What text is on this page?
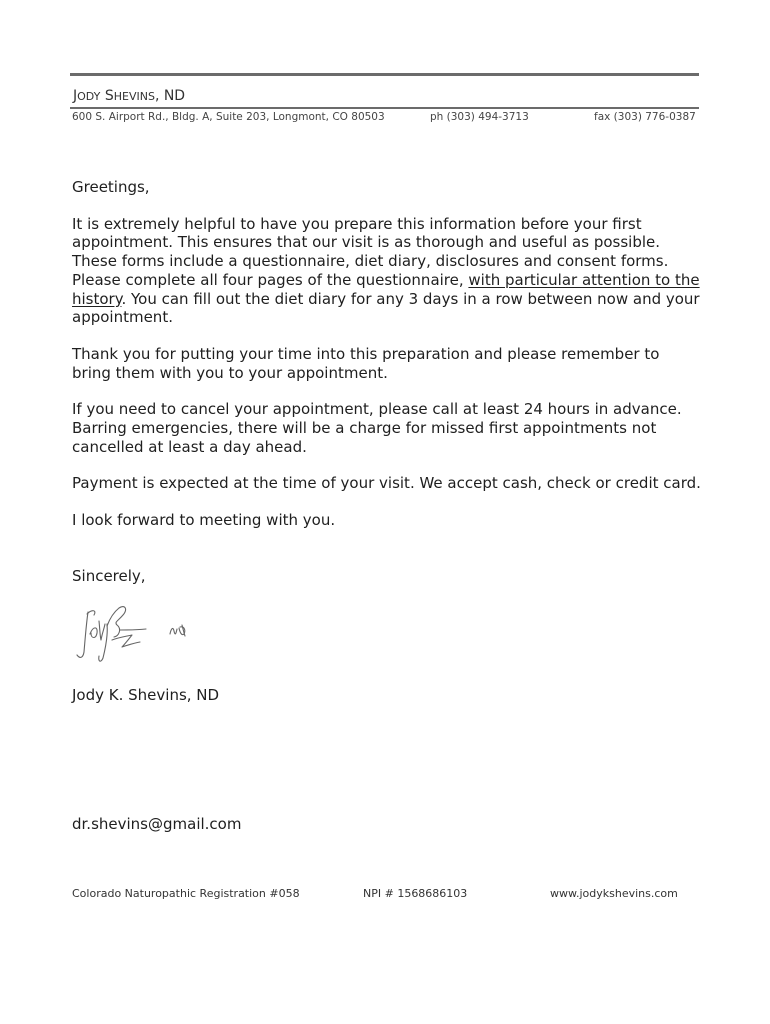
Jody Shevins, ND
600 S. Airport Rd., Bldg. A, Suite 203, Longmont, CO 80503	ph (303) 494-3713	fax (303) 776-0387

Greetings,

It is extremely helpful to have you prepare this information before your first appointment. This ensures that our visit is as thorough and useful as possible. These forms include a questionnaire, diet diary, disclosures and consent forms. Please complete all four pages of the questionnaire, with particular attention to the history. You can fill out the diet diary for any 3 days in a row between now and your appointment.

Thank you for putting your time into this preparation and please remember to bring them with you to your appointment.

If you need to cancel your appointment, please call at least 24 hours in advance. Barring emergencies, there will be a charge for missed first appointments not cancelled at least a day ahead.

Payment is expected at the time of your visit. We accept cash, check or credit card.

I look forward to meeting with you.

Sincerely,
Jody K. Shevins, ND
dr.shevins@gmail.com
Colorado Naturopathic Registration #058	NPI # 1568686103	www.jodykshevins.com
